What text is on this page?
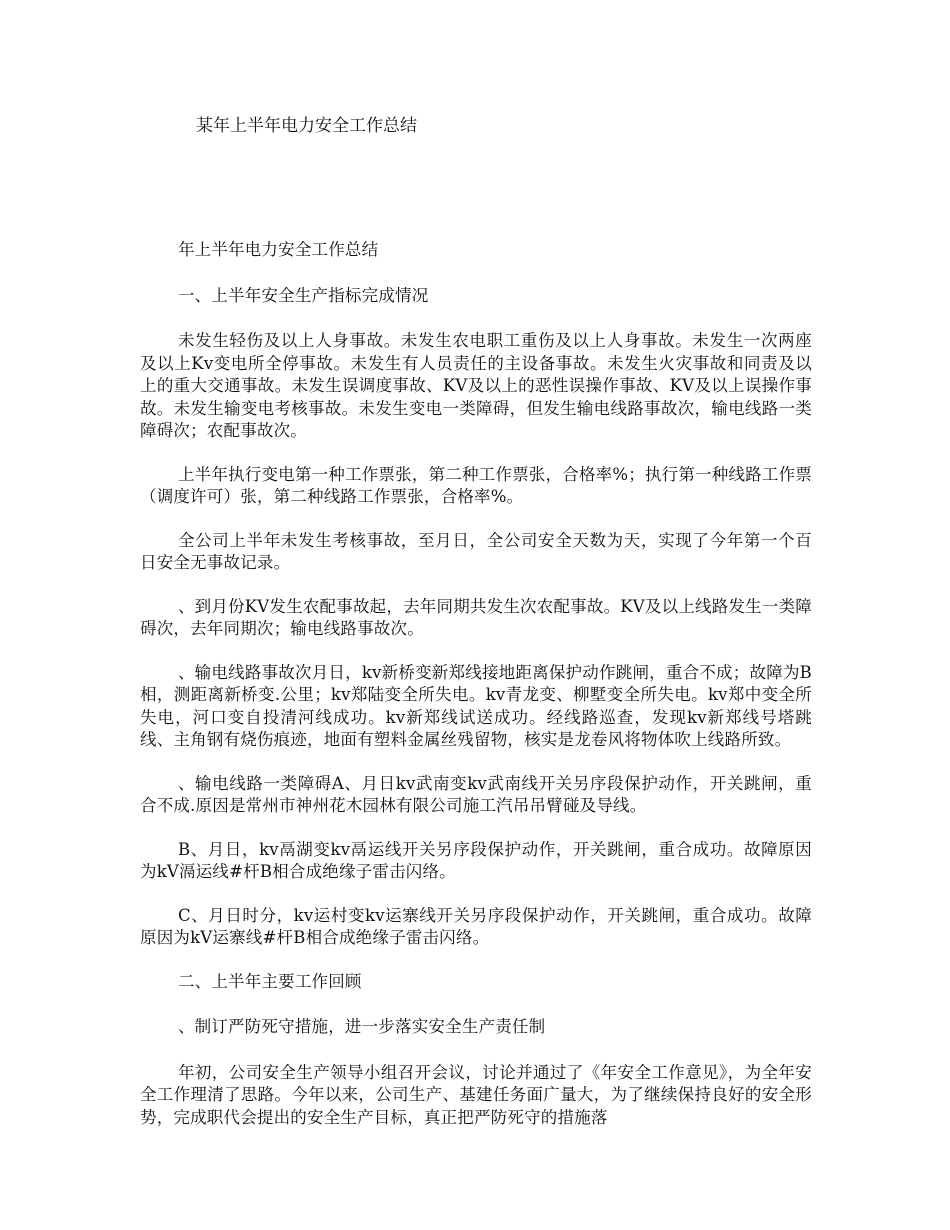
某年上半年电力安全工作总结

年上半年电力安全工作总结

一、上半年安全生产指标完成情况

未发生轻伤及以上人身事故。未发生农电职工重伤及以上人身事故。未发生一次两座及以上Kv变电所全停事故。未发生有人员责任的主设备事故。未发生火灾事故和同责及以上的重大交通事故。未发生误调度事故、KV及以上的恶性误操作事故、KV及以上误操作事故。未发生输变电考核事故。未发生变电一类障碍，但发生输电线路事故次，输电线路一类障碍次；农配事故次。

上半年执行变电第一种工作票张，第二种工作票张，合格率%；执行第一种线路工作票（调度许可）张，第二种线路工作票张，合格率%。

全公司上半年未发生考核事故，至月日，全公司安全天数为天，实现了今年第一个百日安全无事故记录。

、到月份KV发生农配事故起，去年同期共发生次农配事故。KV及以上线路发生一类障碍次，去年同期次；输电线路事故次。

、输电线路事故次月日，kv新桥变新郑线接地距离保护动作跳闸，重合不成；故障为B相，测距离新桥变.公里；kv郑陆变全所失电。kv青龙变、柳墅变全所失电。kv郑中变全所失电，河口变自投清河线成功。kv新郑线试送成功。经线路巡查，发现kv新郑线号塔跳线、主角钢有烧伤痕迹，地面有塑料金属丝残留物，核实是龙卷风将物体吹上线路所致。

、输电线路一类障碍A、月日kv武南变kv武南线开关另序段保护动作，开关跳闸，重合不成.原因是常州市神州花木园林有限公司施工汽吊吊臂碰及导线。

B、月日，kv鬲湖变kv鬲运线开关另序段保护动作，开关跳闸，重合成功。故障原因为kV滆运线#杆B相合成绝缘子雷击闪络。

C、月日时分，kv运村变kv运寨线开关另序段保护动作，开关跳闸，重合成功。故障原因为kV运寨线#杆B相合成绝缘子雷击闪络。

二、上半年主要工作回顾

、制订严防死守措施，进一步落实安全生产责任制

年初，公司安全生产领导小组召开会议，讨论并通过了《年安全工作意见》，为全年安全工作理清了思路。今年以来，公司生产、基建任务面广量大，为了继续保持良好的安全形势，完成职代会提出的安全生产目标，真正把严防死守的措施落
